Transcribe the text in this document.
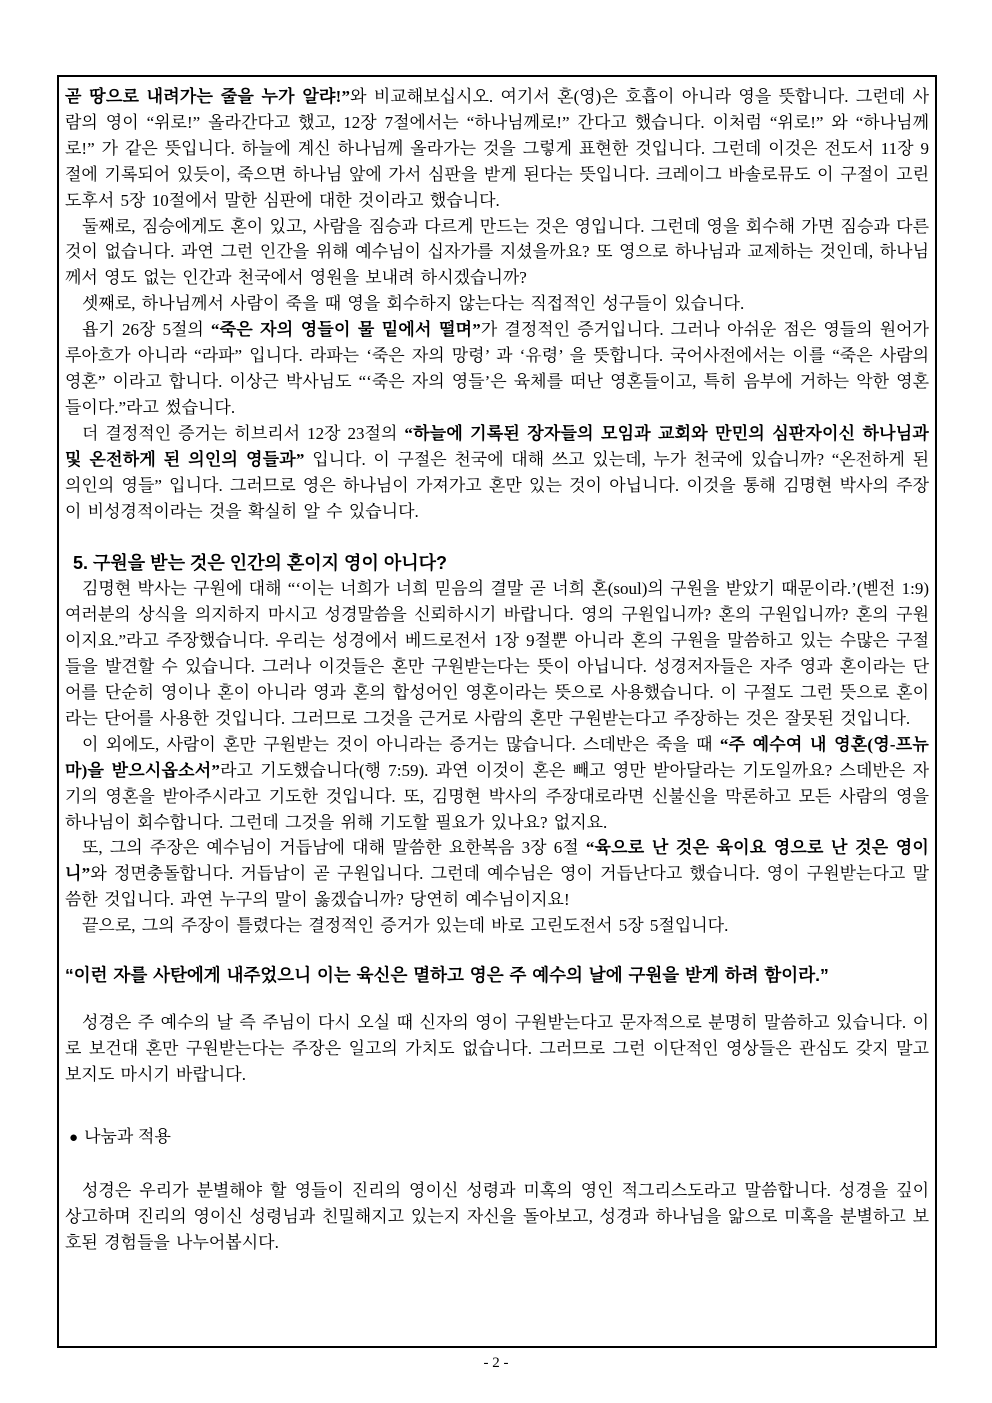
곧 땅으로 내려가는 줄을 누가 알랴!”와 비교해보십시오. 여기서 혼(영)은 호흡이 아니라 영을 뜻합니다. 그런데 사람의 영이 “위로!” 올라간다고 했고, 12장 7절에서는 “하나님께로!” 간다고 했습니다. 이처럼 “위로!” 와 “하나님께로!” 가 같은 뜻입니다. 하늘에 계신 하나님께 올라가는 것을 그렇게 표현한 것입니다. 그런데 이것은 전도서 11장 9절에 기록되어 있듯이, 죽으면 하나님 앞에 가서 심판을 받게 된다는 뜻입니다. 크레이그 바솔로뮤도 이 구절이 고린도후서 5장 10절에서 말한 심판에 대한 것이라고 했습니다.

둘째로, 짐승에게도 혼이 있고, 사람을 짐승과 다르게 만드는 것은 영입니다. 그런데 영을 회수해 가면 짐승과 다른 것이 없습니다. 과연 그런 인간을 위해 예수님이 십자가를 지셨을까요? 또 영으로 하나님과 교제하는 것인데, 하나님께서 영도 없는 인간과 천국에서 영원을 보내려 하시겠습니까?

셋째로, 하나님께서 사람이 죽을 때 영을 회수하지 않는다는 직접적인 성구들이 있습니다.

욥기 26장 5절의 “죽은 자의 영들이 물 밑에서 떨며”가 결정적인 증거입니다. 그러나 아쉬운 점은 영들의 원어가 루아흐가 아니라 “라파” 입니다. 라파는 ‘죽은 자의 망령’ 과 ‘유령’ 을 뜻합니다. 국어사전에서는 이를 “죽은 사람의 영혼” 이라고 합니다. 이상근 박사님도 “‘죽은 자의 영들’은 육체를 떠난 영혼들이고, 특히 음부에 거하는 악한 영혼들이다.”라고 썼습니다.

더 결정적인 증거는 히브리서 12장 23절의 “하늘에 기록된 장자들의 모임과 교회와 만민의 심판자이신 하나님과 및 온전하게 된 의인의 영들과” 입니다. 이 구절은 천국에 대해 쓰고 있는데, 누가 천국에 있습니까? “온전하게 된 의인의 영들” 입니다. 그러므로 영은 하나님이 가져가고 혼만 있는 것이 아닙니다. 이것을 통해 김명현 박사의 주장이 비성경적이라는 것을 확실히 알 수 있습니다.

5. 구원을 받는 것은 인간의 혼이지 영이 아니다?

김명현 박사는 구원에 대해 “‘이는 너희가 너희 믿음의 결말 곧 너희 혼(soul)의 구원을 받았기 때문이라.’(벧전 1:9) 여러분의 상식을 의지하지 마시고 성경말씀을 신뢰하시기 바랍니다. 영의 구원입니까? 혼의 구원입니까? 혼의 구원이지요.”라고 주장했습니다. 우리는 성경에서 베드로전서 1장 9절뿐 아니라 혼의 구원을 말씀하고 있는 수많은 구절들을 발견할 수 있습니다. 그러나 이것들은 혼만 구원받는다는 뜻이 아닙니다. 성경저자들은 자주 영과 혼이라는 단어를 단순히 영이나 혼이 아니라 영과 혼의 합성어인 영혼이라는 뜻으로 사용했습니다. 이 구절도 그런 뜻으로 혼이라는 단어를 사용한 것입니다. 그러므로 그것을 근거로 사람의 혼만 구원받는다고 주장하는 것은 잘못된 것입니다.

이 외에도, 사람이 혼만 구원받는 것이 아니라는 증거는 많습니다. 스데반은 죽을 때 “주 예수여 내 영혼(영-프뉴마)을 받으시옵소서”라고 기도했습니다(행 7:59). 과연 이것이 혼은 빼고 영만 받아달라는 기도일까요? 스데반은 자기의 영혼을 받아주시라고 기도한 것입니다. 또, 김명현 박사의 주장대로라면 신불신을 막론하고 모든 사람의 영을 하나님이 회수합니다. 그런데 그것을 위해 기도할 필요가 있나요? 없지요.

또, 그의 주장은 예수님이 거듭남에 대해 말씀한 요한복음 3장 6절 “육으로 난 것은 육이요 영으로 난 것은 영이니”와 정면충돌합니다. 거듭남이 곧 구원입니다. 그런데 예수님은 영이 거듭난다고 했습니다. 영이 구원받는다고 말씀한 것입니다. 과연 누구의 말이 옳겠습니까? 당연히 예수님이지요!

끝으로, 그의 주장이 틀렸다는 결정적인 증거가 있는데 바로 고린도전서 5장 5절입니다.

“이런 자를 사탄에게 내주었으니 이는 육신은 멸하고 영은 주 예수의 날에 구원을 받게 하려 함이라.”

성경은 주 예수의 날 즉 주님이 다시 오실 때 신자의 영이 구원받는다고 문자적으로 분명히 말씀하고 있습니다. 이로 보건대 혼만 구원받는다는 주장은 일고의 가치도 없습니다. 그러므로 그런 이단적인 영상들은 관심도 갖지 말고 보지도 마시기 바랍니다.

● 나눔과 적용

성경은 우리가 분별해야 할 영들이 진리의 영이신 성령과 미혹의 영인 적그리스도라고 말씀합니다. 성경을 깊이 상고하며 진리의 영이신 성령님과 친밀해지고 있는지 자신을 돌아보고, 성경과 하나님을 앎으로 미혹을 분별하고 보호된 경험들을 나누어봅시다.

- 2 -
